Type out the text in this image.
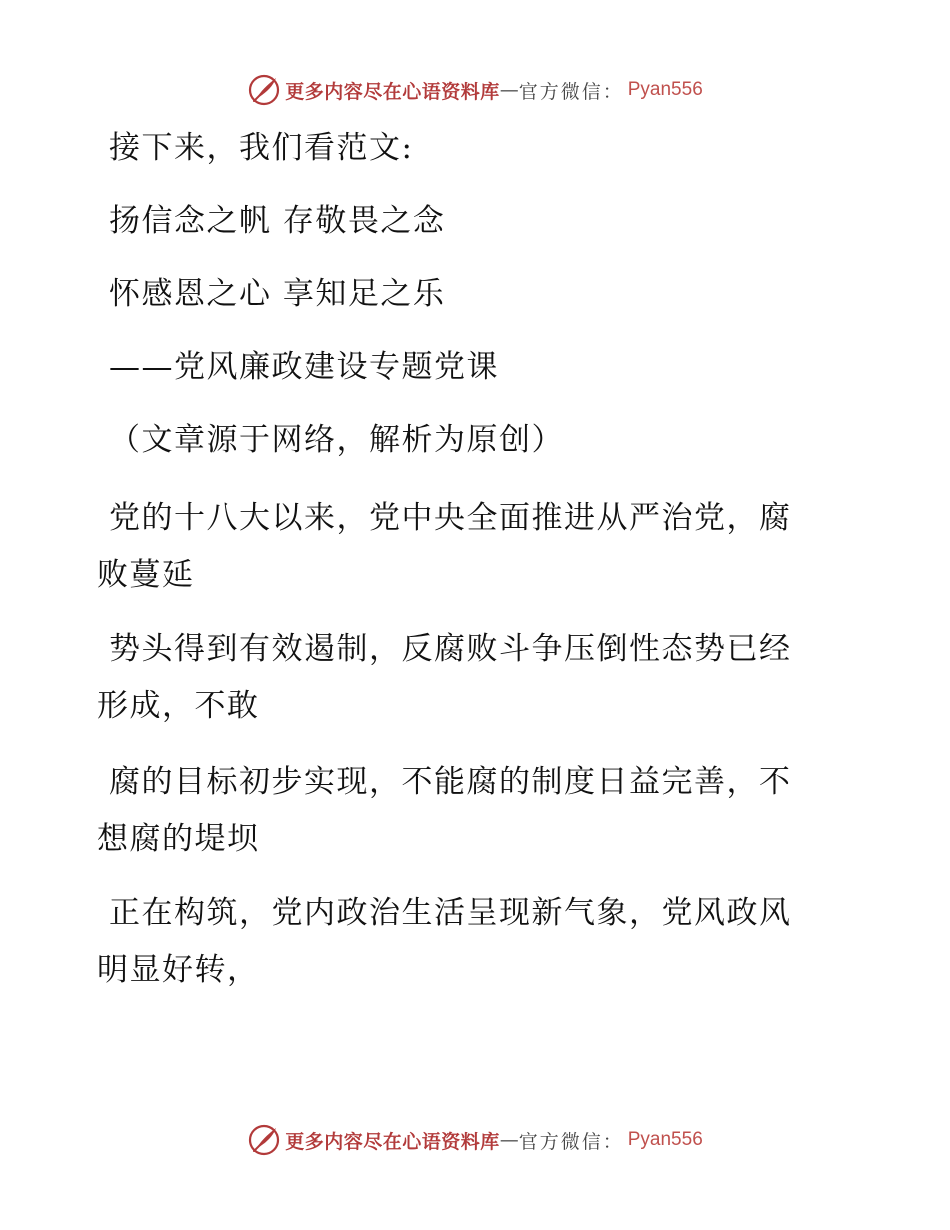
更多内容尽在心语资料库 — 官方微信： Pyan556
接下来，我们看范文:
扬信念之帆 存敬畏之念
怀感恩之心 享知足之乐
——党风廉政建设专题党课
（文章源于网络，解析为原创）
党的十八大以来，党中央全面推进从严治党，腐
败蔓延
势头得到有效遏制，反腐败斗争压倒性态势已经
形成，不敢
腐的目标初步实现，不能腐的制度日益完善，不
想腐的堤坝
正在构筑，党内政治生活呈现新气象，党风政风
明显好转，
更多内容尽在心语资料库 — 官方微信： Pyan556
